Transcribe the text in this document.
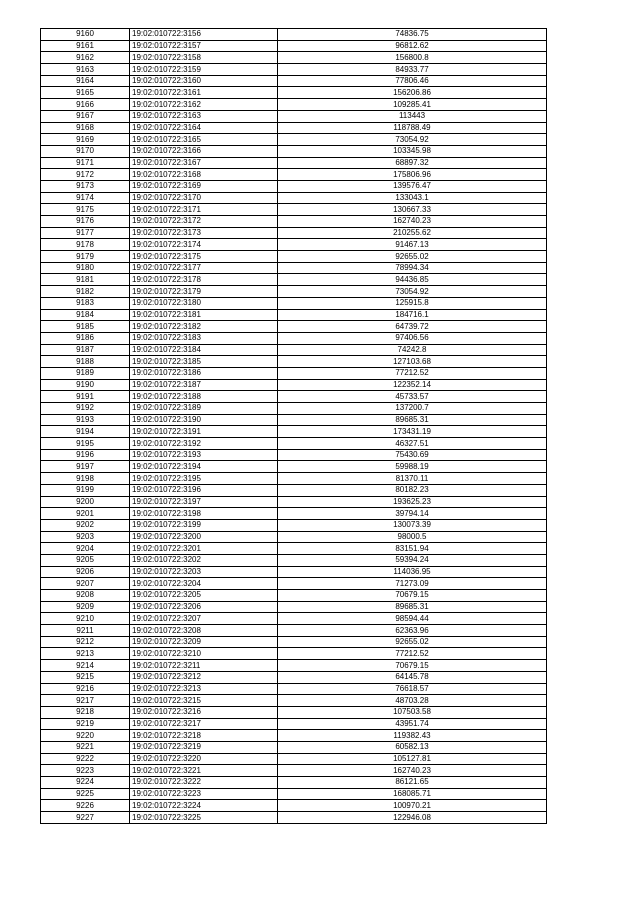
9160	19:02:010722:3156	74836.75
9161	19:02:010722:3157	96812.62
9162	19:02:010722:3158	156800.8
9163	19:02:010722:3159	84933.77
9164	19:02:010722:3160	77806.46
9165	19:02:010722:3161	156206.86
9166	19:02:010722:3162	109285.41
9167	19:02:010722:3163	113443
9168	19:02:010722:3164	118788.49
9169	19:02:010722:3165	73054.92
9170	19:02:010722:3166	103345.98
9171	19:02:010722:3167	68897.32
9172	19:02:010722:3168	175806.96
9173	19:02:010722:3169	139576.47
9174	19:02:010722:3170	133043.1
9175	19:02:010722:3171	130667.33
9176	19:02:010722:3172	162740.23
9177	19:02:010722:3173	210255.62
9178	19:02:010722:3174	91467.13
9179	19:02:010722:3175	92655.02
9180	19:02:010722:3177	78994.34
9181	19:02:010722:3178	94436.85
9182	19:02:010722:3179	73054.92
9183	19:02:010722:3180	125915.8
9184	19:02:010722:3181	184716.1
9185	19:02:010722:3182	64739.72
9186	19:02:010722:3183	97406.56
9187	19:02:010722:3184	74242.8
9188	19:02:010722:3185	127103.68
9189	19:02:010722:3186	77212.52
9190	19:02:010722:3187	122352.14
9191	19:02:010722:3188	45733.57
9192	19:02:010722:3189	137200.7
9193	19:02:010722:3190	89685.31
9194	19:02:010722:3191	173431.19
9195	19:02:010722:3192	46327.51
9196	19:02:010722:3193	75430.69
9197	19:02:010722:3194	59988.19
9198	19:02:010722:3195	81370.11
9199	19:02:010722:3196	80182.23
9200	19:02:010722:3197	193625.23
9201	19:02:010722:3198	39794.14
9202	19:02:010722:3199	130073.39
9203	19:02:010722:3200	98000.5
9204	19:02:010722:3201	83151.94
9205	19:02:010722:3202	59394.24
9206	19:02:010722:3203	114036.95
9207	19:02:010722:3204	71273.09
9208	19:02:010722:3205	70679.15
9209	19:02:010722:3206	89685.31
9210	19:02:010722:3207	98594.44
9211	19:02:010722:3208	62363.96
9212	19:02:010722:3209	92655.02
9213	19:02:010722:3210	77212.52
9214	19:02:010722:3211	70679.15
9215	19:02:010722:3212	64145.78
9216	19:02:010722:3213	76618.57
9217	19:02:010722:3215	48703.28
9218	19:02:010722:3216	107503.58
9219	19:02:010722:3217	43951.74
9220	19:02:010722:3218	119382.43
9221	19:02:010722:3219	60582.13
9222	19:02:010722:3220	105127.81
9223	19:02:010722:3221	162740.23
9224	19:02:010722:3222	86121.65
9225	19:02:010722:3223	168085.71
9226	19:02:010722:3224	100970.21
9227	19:02:010722:3225	122946.08
